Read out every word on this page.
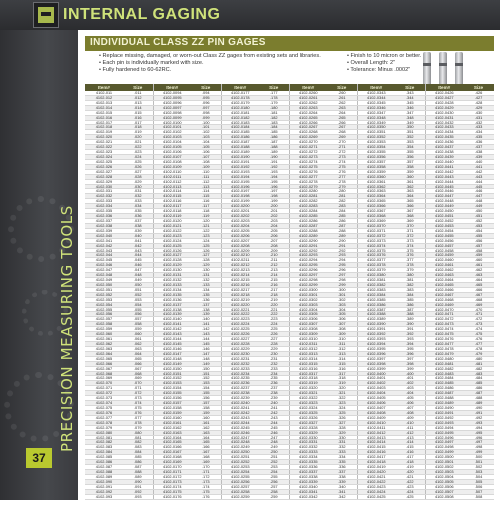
PRECISION MEASURING TOOLS
37
INTERNAL GAGING
INDIVIDUAL CLASS ZZ PIN GAGES
• Replace missing, damaged, or worn-out Class ZZ gages from existing sets and libraries.
• Each pin is individually marked with size.
• Fully hardened to 60-62RC.
• Finish to 10 micron or better.
• Overall Length: 2"
• Tolerance: Minus .0002"
Item#	Size	Item#	Size	Item#	Size	Item#	Size	Item#	Size	Item#	Size
4102-011	.011	4102-0094	.094	4102-0177	.177	4102-0260	.260	4102-0343	.343	4102-0426	.426
4102-012	.012	4102-0095	.095	4102-0178	.178	4102-0261	.261	4102-0344	.344	4102-0427	.427
4102-013	.013	4102-0096	.096	4102-0179	.179	4102-0262	.262	4102-0345	.345	4102-0428	.428
4102-014	.014	4102-0097	.097	4102-0180	.180	4102-0263	.263	4102-0346	.346	4102-0429	.429
4102-015	.015	4102-0098	.098	4102-0181	.181	4102-0264	.264	4102-0347	.347	4102-0430	.430
4102-016	.016	4102-0099	.099	4102-0182	.182	4102-0265	.265	4102-0348	.348	4102-0431	.431
4102-017	.017	4102-0100	.100	4102-0183	.183	4102-0266	.266	4102-0349	.349	4102-0432	.432
4102-018	.018	4102-0101	.101	4102-0184	.184	4102-0267	.267	4102-0350	.350	4102-0433	.433
4102-019	.019	4102-0102	.102	4102-0185	.185	4102-0268	.268	4102-0351	.351	4102-0434	.434
4102-020	.020	4102-0103	.103	4102-0186	.186	4102-0269	.269	4102-0352	.352	4102-0435	.435
4102-021	.021	4102-0104	.104	4102-0187	.187	4102-0270	.270	4102-0353	.353	4102-0436	.436
4102-022	.022	4102-0105	.105	4102-0188	.188	4102-0271	.271	4102-0354	.354	4102-0437	.437
4102-023	.023	4102-0106	.106	4102-0189	.189	4102-0272	.272	4102-0355	.355	4102-0438	.438
4102-024	.024	4102-0107	.107	4102-0190	.190	4102-0273	.273	4102-0356	.356	4102-0439	.439
4102-025	.025	4102-0108	.108	4102-0191	.191	4102-0274	.274	4102-0357	.357	4102-0440	.440
4102-026	.026	4102-0109	.109	4102-0192	.192	4102-0275	.275	4102-0358	.358	4102-0441	.441
4102-027	.027	4102-0110	.110	4102-0193	.193	4102-0276	.276	4102-0359	.359	4102-0442	.442
4102-028	.028	4102-0111	.111	4102-0194	.194	4102-0277	.277	4102-0360	.360	4102-0443	.443
4102-029	.029	4102-0112	.112	4102-0195	.195	4102-0278	.278	4102-0361	.361	4102-0444	.444
4102-030	.030	4102-0113	.113	4102-0196	.196	4102-0279	.279	4102-0362	.362	4102-0445	.445
4102-031	.031	4102-0114	.114	4102-0197	.197	4102-0280	.280	4102-0363	.363	4102-0446	.446
4102-032	.032	4102-0115	.115	4102-0198	.198	4102-0281	.281	4102-0364	.364	4102-0447	.447
4102-033	.033	4102-0116	.116	4102-0199	.199	4102-0282	.282	4102-0365	.365	4102-0448	.448
4102-034	.034	4102-0117	.117	4102-0200	.200	4102-0283	.283	4102-0366	.366	4102-0449	.449
4102-035	.035	4102-0118	.118	4102-0201	.201	4102-0284	.284	4102-0367	.367	4102-0450	.450
4102-036	.036	4102-0119	.119	4102-0202	.202	4102-0285	.285	4102-0368	.368	4102-0451	.451
4102-037	.037	4102-0120	.120	4102-0203	.203	4102-0286	.286	4102-0369	.369	4102-0452	.452
4102-038	.038	4102-0121	.121	4102-0204	.204	4102-0287	.287	4102-0370	.370	4102-0453	.453
4102-039	.039	4102-0122	.122	4102-0205	.205	4102-0288	.288	4102-0371	.371	4102-0454	.454
4102-040	.040	4102-0123	.123	4102-0206	.206	4102-0289	.289	4102-0372	.372	4102-0455	.455
4102-041	.041	4102-0124	.124	4102-0207	.207	4102-0290	.290	4102-0373	.373	4102-0456	.456
4102-042	.042	4102-0125	.125	4102-0208	.208	4102-0291	.291	4102-0374	.374	4102-0457	.457
4102-043	.043	4102-0126	.126	4102-0209	.209	4102-0292	.292	4102-0375	.375	4102-0458	.458
4102-044	.044	4102-0127	.127	4102-0210	.210	4102-0293	.293	4102-0376	.376	4102-0459	.459
4102-045	.045	4102-0128	.128	4102-0211	.211	4102-0294	.294	4102-0377	.377	4102-0460	.460
4102-046	.046	4102-0129	.129	4102-0212	.212	4102-0295	.295	4102-0378	.378	4102-0461	.461
4102-047	.047	4102-0130	.130	4102-0213	.213	4102-0296	.296	4102-0379	.379	4102-0462	.462
4102-048	.048	4102-0131	.131	4102-0214	.214	4102-0297	.297	4102-0380	.380	4102-0463	.463
4102-049	.049	4102-0132	.132	4102-0215	.215	4102-0298	.298	4102-0381	.381	4102-0464	.464
4102-050	.050	4102-0133	.133	4102-0216	.216	4102-0299	.299	4102-0382	.382	4102-0465	.465
4102-051	.051	4102-0134	.134	4102-0217	.217	4102-0300	.300	4102-0383	.383	4102-0466	.466
4102-052	.052	4102-0135	.135	4102-0218	.218	4102-0301	.301	4102-0384	.384	4102-0467	.467
4102-053	.053	4102-0136	.136	4102-0219	.219	4102-0302	.302	4102-0385	.385	4102-0468	.468
4102-054	.054	4102-0137	.137	4102-0220	.220	4102-0303	.303	4102-0386	.386	4102-0469	.469
4102-055	.055	4102-0138	.138	4102-0221	.221	4102-0304	.304	4102-0387	.387	4102-0470	.470
4102-056	.056	4102-0139	.139	4102-0222	.222	4102-0305	.305	4102-0388	.388	4102-0471	.471
4102-057	.057	4102-0140	.140	4102-0223	.223	4102-0306	.306	4102-0389	.389	4102-0472	.472
4102-058	.058	4102-0141	.141	4102-0224	.224	4102-0307	.307	4102-0390	.390	4102-0473	.473
4102-059	.059	4102-0142	.142	4102-0225	.225	4102-0308	.308	4102-0391	.391	4102-0474	.474
4102-060	.060	4102-0143	.143	4102-0226	.226	4102-0309	.309	4102-0392	.392	4102-0475	.475
4102-061	.061	4102-0144	.144	4102-0227	.227	4102-0310	.310	4102-0393	.393	4102-0476	.476
4102-062	.062	4102-0145	.145	4102-0228	.228	4102-0311	.311	4102-0394	.394	4102-0477	.477
4102-063	.063	4102-0146	.146	4102-0229	.229	4102-0312	.312	4102-0395	.395	4102-0478	.478
4102-064	.064	4102-0147	.147	4102-0230	.230	4102-0313	.313	4102-0396	.396	4102-0479	.479
4102-065	.065	4102-0148	.148	4102-0231	.231	4102-0314	.314	4102-0397	.397	4102-0480	.480
4102-066	.066	4102-0149	.149	4102-0232	.232	4102-0315	.315	4102-0398	.398	4102-0481	.481
4102-067	.067	4102-0150	.150	4102-0233	.233	4102-0316	.316	4102-0399	.399	4102-0482	.482
4102-068	.068	4102-0151	.151	4102-0234	.234	4102-0317	.317	4102-0400	.400	4102-0483	.483
4102-069	.069	4102-0152	.152	4102-0235	.235	4102-0318	.318	4102-0401	.401	4102-0484	.484
4102-070	.070	4102-0153	.153	4102-0236	.236	4102-0319	.319	4102-0402	.402	4102-0485	.485
4102-071	.071	4102-0154	.154	4102-0237	.237	4102-0320	.320	4102-0403	.403	4102-0486	.486
4102-072	.072	4102-0155	.155	4102-0238	.238	4102-0321	.321	4102-0404	.404	4102-0487	.487
4102-073	.073	4102-0156	.156	4102-0239	.239	4102-0322	.322	4102-0405	.405	4102-0488	.488
4102-074	.074	4102-0157	.157	4102-0240	.240	4102-0323	.323	4102-0406	.406	4102-0489	.489
4102-075	.075	4102-0158	.158	4102-0241	.241	4102-0324	.324	4102-0407	.407	4102-0490	.490
4102-076	.076	4102-0159	.159	4102-0242	.242	4102-0325	.325	4102-0408	.408	4102-0491	.491
4102-077	.077	4102-0160	.160	4102-0243	.243	4102-0326	.326	4102-0409	.409	4102-0492	.492
4102-078	.078	4102-0161	.161	4102-0244	.244	4102-0327	.327	4102-0410	.410	4102-0493	.493
4102-079	.079	4102-0162	.162	4102-0245	.245	4102-0328	.328	4102-0411	.411	4102-0494	.494
4102-080	.080	4102-0163	.163	4102-0246	.246	4102-0329	.329	4102-0412	.412	4102-0495	.495
4102-081	.081	4102-0164	.164	4102-0247	.247	4102-0330	.330	4102-0413	.413	4102-0496	.496
4102-082	.082	4102-0165	.165	4102-0248	.248	4102-0331	.331	4102-0414	.414	4102-0497	.497
4102-083	.083	4102-0166	.166	4102-0249	.249	4102-0332	.332	4102-0415	.415	4102-0498	.498
4102-084	.084	4102-0167	.167	4102-0250	.250	4102-0333	.333	4102-0416	.416	4102-0499	.499
4102-085	.085	4102-0168	.168	4102-0251	.251	4102-0334	.334	4102-0417	.417	4102-0500	.500
4102-086	.086	4102-0169	.169	4102-0252	.252	4102-0335	.335	4102-0418	.418	4102-0501	.501
4102-087	.087	4102-0170	.170	4102-0253	.253	4102-0336	.336	4102-0419	.419	4102-0502	.502
4102-088	.088	4102-0171	.171	4102-0254	.254	4102-0337	.337	4102-0420	.420	4102-0503	.503
4102-089	.089	4102-0172	.172	4102-0255	.255	4102-0338	.338	4102-0421	.421	4102-0504	.504
4102-090	.090	4102-0173	.173	4102-0256	.256	4102-0339	.339	4102-0422	.422	4102-0505	.505
4102-091	.091	4102-0174	.174	4102-0257	.257	4102-0340	.340	4102-0423	.423	4102-0506	.506
4102-092	.092	4102-0175	.175	4102-0258	.258	4102-0341	.341	4102-0424	.424	4102-0507	.507
4102-093	.093	4102-0176	.176	4102-0259	.259	4102-0342	.342	4102-0425	.425	4102-0508	.508
